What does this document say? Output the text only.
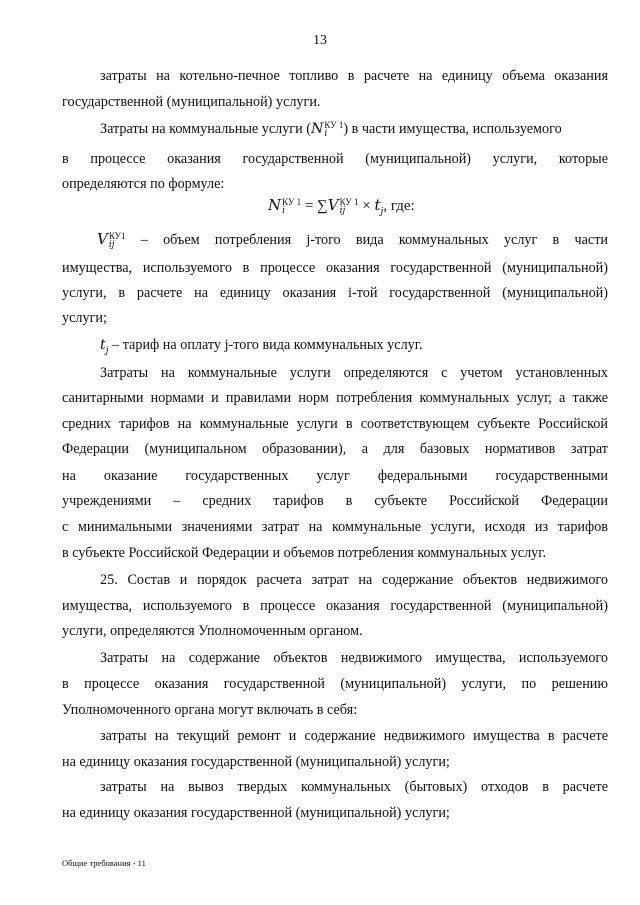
13
затраты на котельно-печное топливо в расчете на единицу объема оказания
государственной (муниципальной) услуги.
Затраты на коммунальные услуги (N КУ 1
i	) в части имущества, используемого
в процессе оказания государственной (муниципальной) услуги, которые
определяются по формуле:
N КУ 1
i	= ∑V КУ 1
ij	× $t_j$, где:
V КУ1
ij – объем потребления j-того вида коммунальных услуг в части
имущества, используемого в процессе оказания государственной (муниципальной)
услуги, в расчете на единицу оказания i-той государственной (муниципальной)
услуги;
$t_j$ – тариф на оплату j-того вида коммунальных услуг.
Затраты на коммунальные услуги определяются с учетом установленных
санитарными нормами и правилами норм потребления коммунальных услуг, а также
средних тарифов на коммунальные услуги в соответствующем субъекте Российской
Федерации (муниципальном образовании), а для базовых нормативов затрат
на оказание государственных услуг федеральными государственными
учреждениями – средних тарифов в субъекте Российской Федерации
с минимальными значениями затрат на коммунальные услуги, исходя из тарифов
в субъекте Российской Федерации и объемов потребления коммунальных услуг.
25. Состав и порядок расчета затрат на содержание объектов недвижимого
имущества, используемого в процессе оказания государственной (муниципальной)
услуги, определяются Уполномоченным органом.
Затраты на содержание объектов недвижимого имущества, используемого
в процессе оказания государственной (муниципальной) услуги, по решению
Уполномоченного органа могут включать в себя:
затраты на текущий ремонт и содержание недвижимого имущества в расчете
на единицу оказания государственной (муниципальной) услуги;
затраты на вывоз твердых коммунальных (бытовых) отходов в расчете
на единицу оказания государственной (муниципальной) услуги;
Общие требования - 11
